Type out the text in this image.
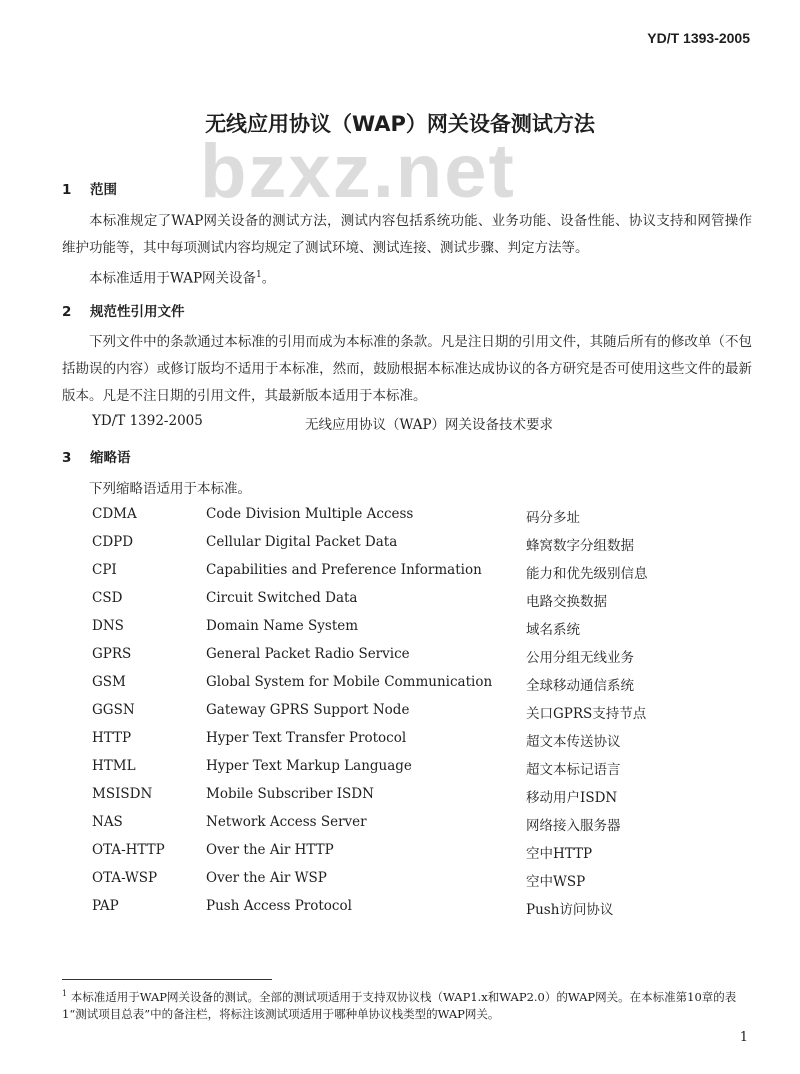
YD/T 1393-2005
bzxz.net
无线应用协议（WAP）网关设备测试方法
1 范围
本标准规定了WAP网关设备的测试方法，测试内容包括系统功能、业务功能、设备性能、协议支持和网管操作维护功能等，其中每项测试内容均规定了测试环境、测试连接、测试步骤、判定方法等。
本标准适用于WAP网关设备$^1$。
2 规范性引用文件
下列文件中的条款通过本标准的引用而成为本标准的条款。凡是注日期的引用文件，其随后所有的修改单（不包括勘误的内容）或修订版均不适用于本标准，然而，鼓励根据本标准达成协议的各方研究是否可使用这些文件的最新版本。凡是不注日期的引用文件，其最新版本适用于本标准。
YD/T 1392-2005	无线应用协议（WAP）网关设备技术要求
3 缩略语
下列缩略语适用于本标准。
CDMA	Code Division Multiple Access	码分多址
CDPD	Cellular Digital Packet Data	蜂窝数字分组数据
CPI	Capabilities and Preference Information	能力和优先级别信息
CSD	Circuit Switched Data	电路交换数据
DNS	Domain Name System	域名系统
GPRS	General Packet Radio Service	公用分组无线业务
GSM	Global System for Mobile Communication	全球移动通信系统
GGSN	Gateway GPRS Support Node	关口GPRS支持节点
HTTP	Hyper Text Transfer Protocol	超文本传送协议
HTML	Hyper Text Markup Language	超文本标记语言
MSISDN	Mobile Subscriber ISDN	移动用户ISDN
NAS	Network Access Server	网络接入服务器
OTA-HTTP	Over the Air HTTP	空中HTTP
OTA-WSP	Over the Air WSP	空中WSP
PAP	Push Access Protocol	Push访问协议
$^1$ 本标准适用于WAP网关设备的测试。全部的测试项适用于支持双协议栈（WAP1.x和WAP2.0）的WAP网关。在本标准第10章的表1“测试项目总表”中的备注栏，将标注该测试项适用于哪种单协议栈类型的WAP网关。
1
